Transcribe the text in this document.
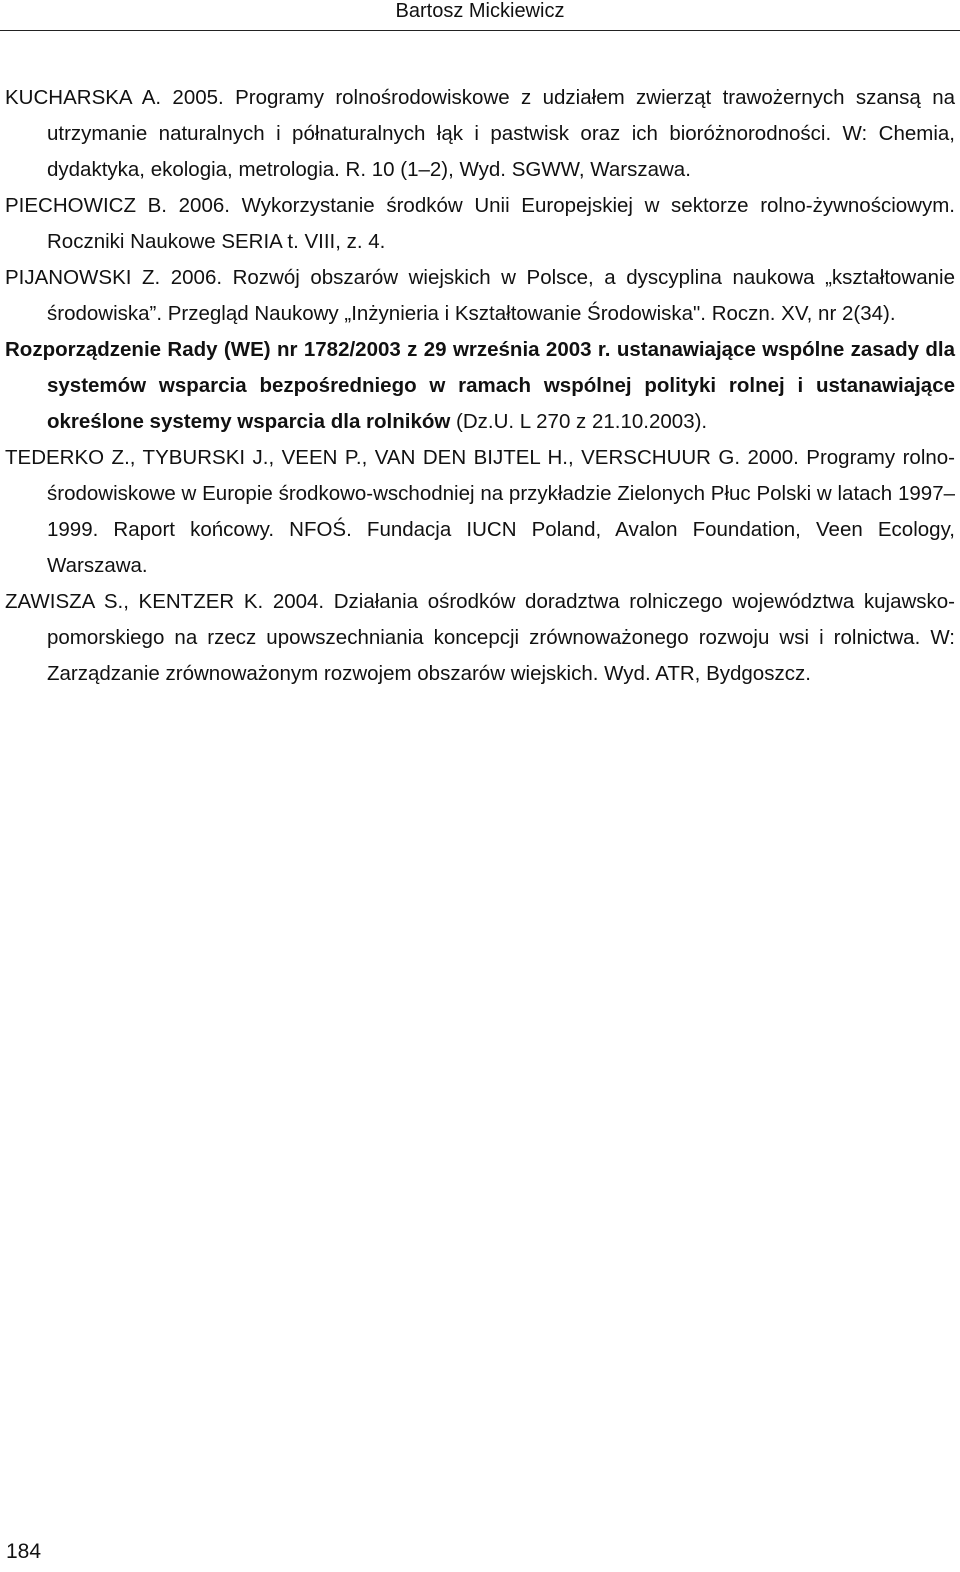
Bartosz Mickiewicz

KUCHARSKA A. 2005. Programy rolnośrodowiskowe z udziałem zwierząt trawożernych szansą na utrzymanie naturalnych i półnaturalnych łąk i pastwisk oraz ich bioróżnorodności. W: Chemia, dydaktyka, ekologia, metrologia. R. 10 (1–2), Wyd. SGWW, Warszawa.

PIECHOWICZ B. 2006. Wykorzystanie środków Unii Europejskiej w sektorze rolno-żywnościowym. Roczniki Naukowe SERIA t. VIII, z. 4.

PIJANOWSKI Z. 2006. Rozwój obszarów wiejskich w Polsce, a dyscyplina naukowa „kształtowanie środowiska”. Przegląd Naukowy „Inżynieria i Kształtowanie Środowiska". Roczn. XV, nr 2(34).

Rozporządzenie Rady (WE) nr 1782/2003 z 29 września 2003 r. ustanawiające wspólne zasady dla systemów wsparcia bezpośredniego w ramach wspólnej polityki rolnej i ustanawiające określone systemy wsparcia dla rolników (Dz.U. L 270 z 21.10.2003).

TEDERKO Z., TYBURSKI J., VEEN P., VAN DEN BIJTEL H., VERSCHUUR G. 2000. Programy rolno-środowiskowe w Europie środkowo-wschodniej na przykładzie Zielonych Płuc Polski w latach 1997–1999. Raport końcowy. NFOŚ. Fundacja IUCN Poland, Avalon Foundation, Veen Ecology, Warszawa.

ZAWISZA S., KENTZER K. 2004. Działania ośrodków doradztwa rolniczego województwa kujawsko-pomorskiego na rzecz upowszechniania koncepcji zrównoważonego rozwoju wsi i rolnictwa. W: Zarządzanie zrównoważonym rozwojem obszarów wiejskich. Wyd. ATR, Bydgoszcz.

184
